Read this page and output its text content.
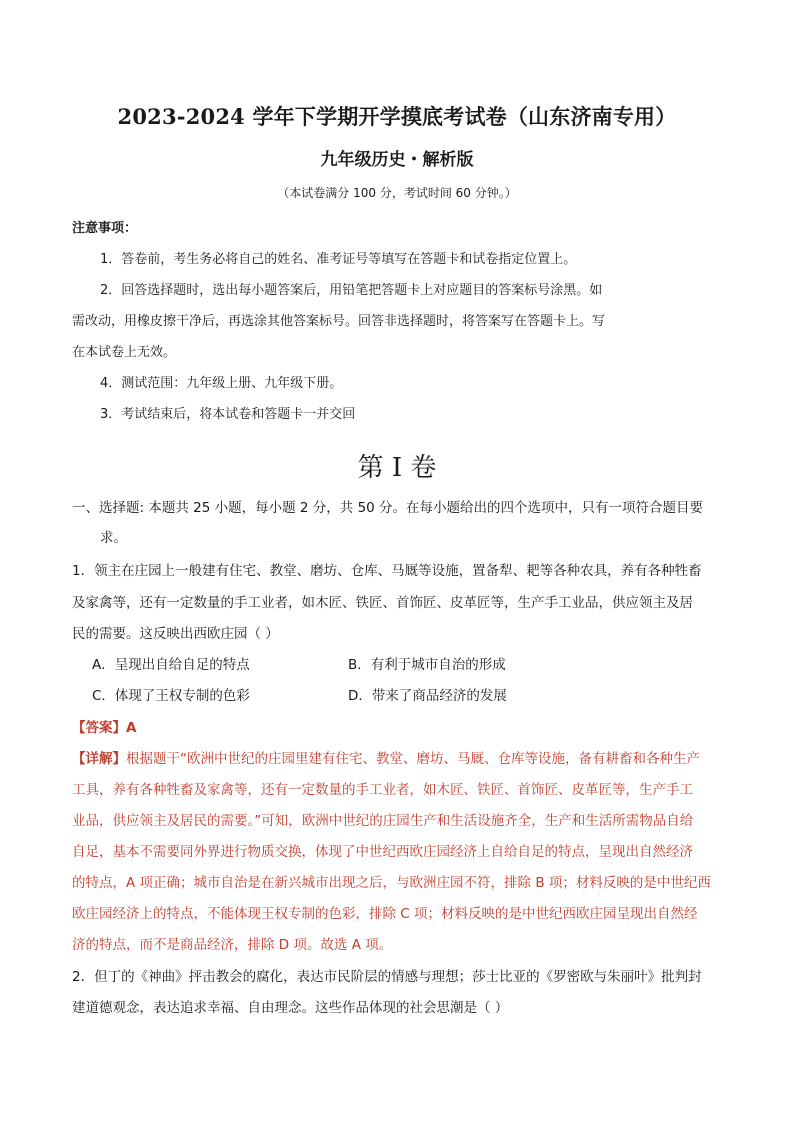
2023-2024 学年下学期开学摸底考试卷（山东济南专用）
九年级历史・解析版
（本试卷满分 100 分，考试时间 60 分钟。）
注意事项：
1．答卷前，考生务必将自己的姓名、准考证号等填写在答题卡和试卷指定位置上。
2．回答选择题时，选出每小题答案后，用铅笔把答题卡上对应题目的答案标号涂黑。如
需改动，用橡皮擦干净后，再选涂其他答案标号。回答非选择题时，将答案写在答题卡上。写
在本试卷上无效。
4．测试范围：九年级上册、九年级下册。
3．考试结束后，将本试卷和答题卡一并交回
第 I 卷
一、选择题: 本题共 25 小题，每小题 2 分，共 50 分。在每小题给出的四个选项中，只有一项符合题目要
求。
1．领主在庄园上一般建有住宅、教堂、磨坊、仓库、马厩等设施，置备犁、耙等各种农具，养有各种牲畜
及家禽等，还有一定数量的手工业者，如木匠、铁匠、首饰匠、皮革匠等，生产手工业品，供应领主及居
民的需要。这反映出西欧庄园（ ）
A．呈现出自给自足的特点	B．有利于城市自治的形成
C．体现了王权专制的色彩	D．带来了商品经济的发展
【答案】A
【详解】根据题干“欧洲中世纪的庄园里建有住宅、教堂、磨坊、马厩、仓库等设施，备有耕畜和各种生产
工具，养有各种牲畜及家禽等，还有一定数量的手工业者，如木匠、铁匠、首饰匠、皮革匠等，生产手工
业品，供应领主及居民的需要。”可知，欧洲中世纪的庄园生产和生活设施齐全，生产和生活所需物品自给
自足，基本不需要同外界进行物质交换，体现了中世纪西欧庄园经济上自给自足的特点，呈现出自然经济
的特点，A 项正确；城市自治是在新兴城市出现之后，与欧洲庄园不符，排除 B 项；材料反映的是中世纪西
欧庄园经济上的特点，不能体现王权专制的色彩，排除 C 项；材料反映的是中世纪西欧庄园呈现出自然经
济的特点，而不是商品经济，排除 D 项。故选 A 项。
2．但丁的《神曲》抨击教会的腐化，表达市民阶层的情感与理想；莎士比亚的《罗密欧与朱丽叶》批判封
建道德观念，表达追求幸福、自由理念。这些作品体现的社会思潮是（ ）
